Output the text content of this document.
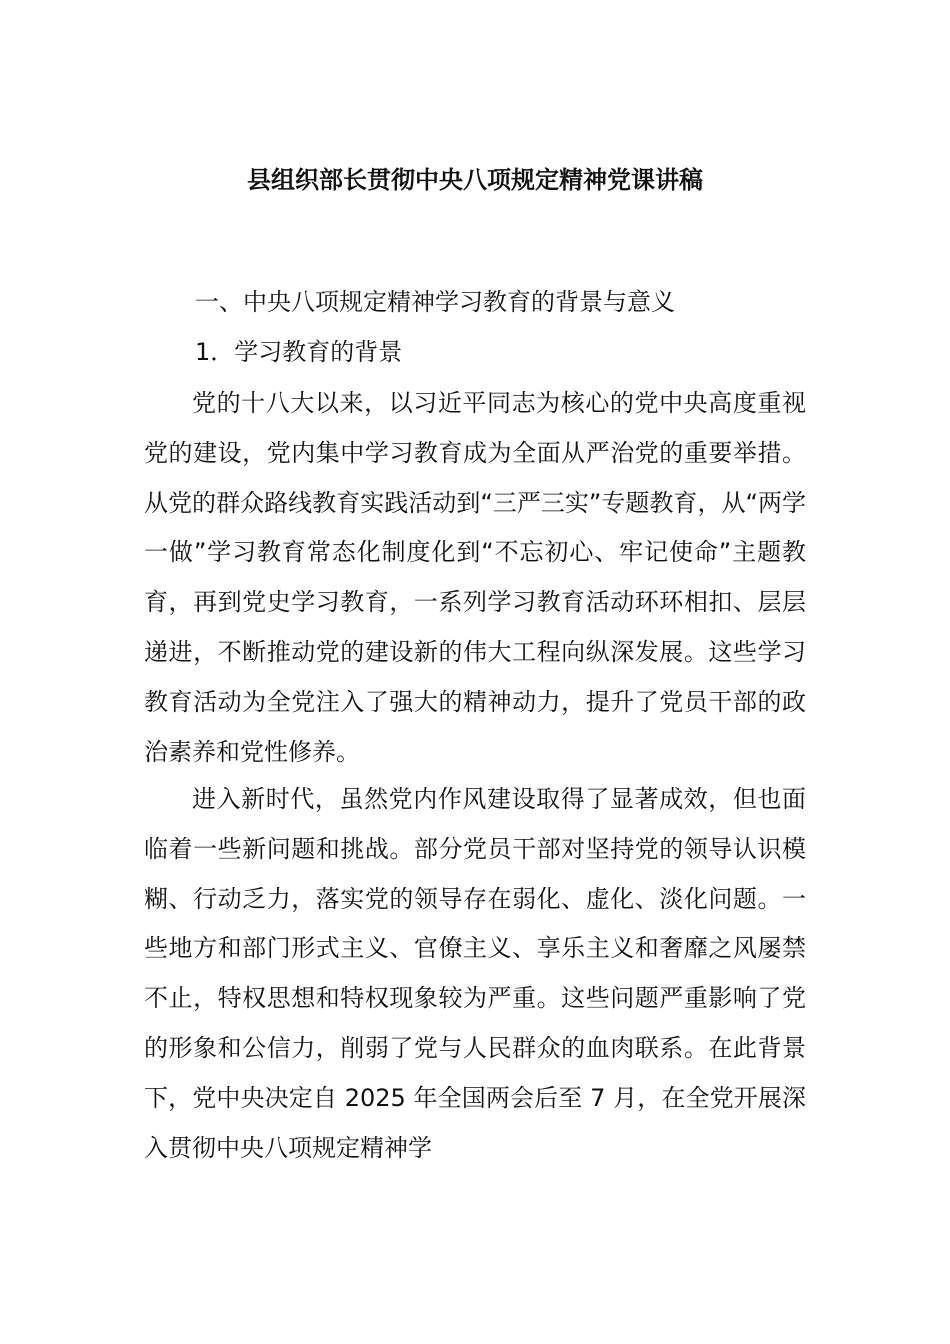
县组织部长贯彻中央八项规定精神党课讲稿
一、中央八项规定精神学习教育的背景与意义
1．学习教育的背景

党的十八大以来，以习近平同志为核心的党中央高度重视党的建设，党内集中学习教育成为全面从严治党的重要举措。从党的群众路线教育实践活动到“三严三实”专题教育，从“两学一做”学习教育常态化制度化到“不忘初心、牢记使命”主题教育，再到党史学习教育，一系列学习教育活动环环相扣、层层递进，不断推动党的建设新的伟大工程向纵深发展。这些学习教育活动为全党注入了强大的精神动力，提升了党员干部的政治素养和党性修养。

进入新时代，虽然党内作风建设取得了显著成效，但也面临着一些新问题和挑战。部分党员干部对坚持党的领导认识模糊、行动乏力，落实党的领导存在弱化、虚化、淡化问题。一些地方和部门形式主义、官僚主义、享乐主义和奢靡之风屡禁不止，特权思想和特权现象较为严重。这些问题严重影响了党的形象和公信力，削弱了党与人民群众的血肉联系。在此背景下，党中央决定自 2025 年全国两会后至 7 月，在全党开展深入贯彻中央八项规定精神学
